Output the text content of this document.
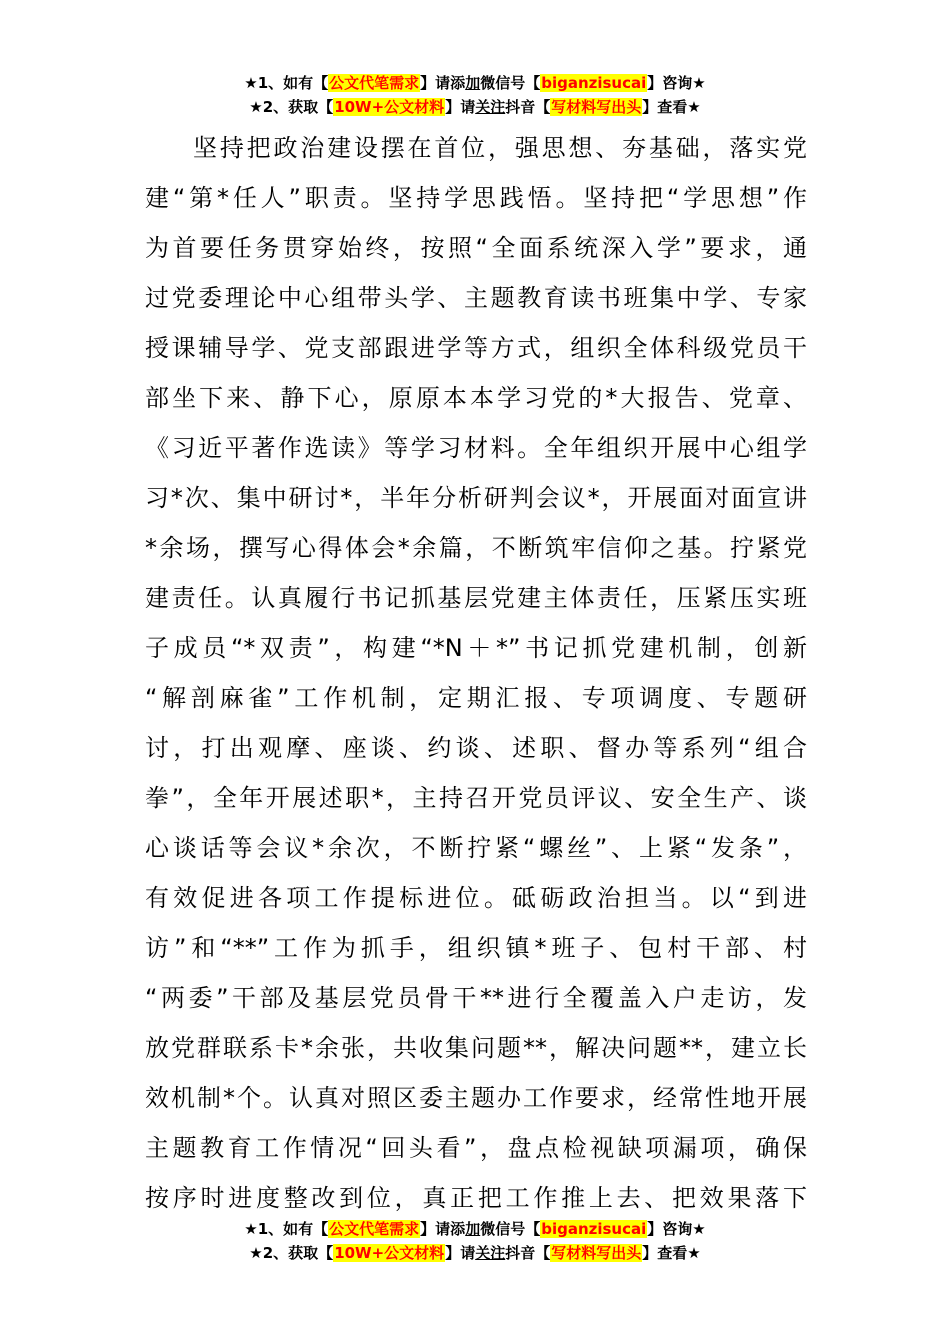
★1、如有【公文代笔需求】请添加微信号【biganzisucai】咨询★
★2、获取【10W+公文材料】请关注抖音【写材料写出头】查看★
坚持把政治建设摆在首位，强思想、夯基础，落实党
建“第*任人”职责。坚持学思践悟。坚持把“学思想”作
为首要任务贯穿始终，按照“全面系统深入学”要求，通
过党委理论中心组带头学、主题教育读书班集中学、专家
授课辅导学、党支部跟进学等方式，组织全体科级党员干
部坐下来、静下心，原原本本学习党的*大报告、党章、
《习近平著作选读》等学习材料。全年组织开展中心组学
习*次、集中研讨*，半年分析研判会议*，开展面对面宣讲
*余场，撰写心得体会*余篇，不断筑牢信仰之基。拧紧党
建责任。认真履行书记抓基层党建主体责任，压紧压实班
子成员“*双责”，构建“*N＋*”书记抓党建机制，创新
“解剖麻雀”工作机制，定期汇报、专项调度、专题研
讨，打出观摩、座谈、约谈、述职、督办等系列“组合
拳”，全年开展述职*，主持召开党员评议、安全生产、谈
心谈话等会议*余次，不断拧紧“螺丝”、上紧“发条”，
有效促进各项工作提标进位。砥砺政治担当。以“到进
访”和“**”工作为抓手，组织镇*班子、包村干部、村
“两委”干部及基层党员骨干**进行全覆盖入户走访，发
放党群联系卡*余张，共收集问题**，解决问题**，建立长
效机制*个。认真对照区委主题办工作要求，经常性地开展
主题教育工作情况“回头看”，盘点检视缺项漏项，确保
按序时进度整改到位，真正把工作推上去、把效果落下
★1、如有【公文代笔需求】请添加微信号【biganzisucai】咨询★
★2、获取【10W+公文材料】请关注抖音【写材料写出头】查看★
